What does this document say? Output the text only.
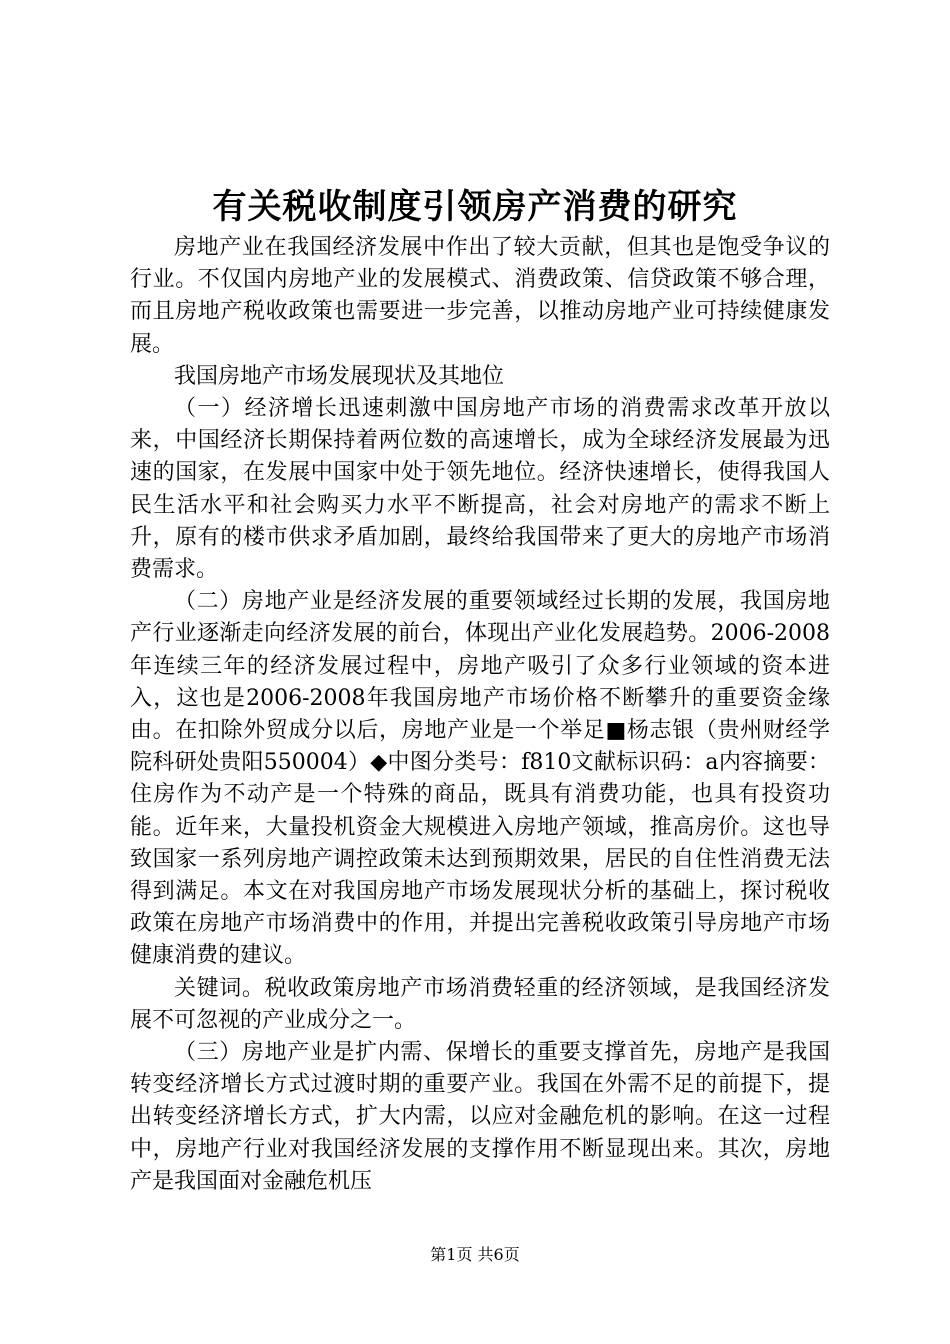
有关税收制度引领房产消费的研究

房地产业在我国经济发展中作出了较大贡献，但其也是饱受争议的行业。不仅国内房地产业的发展模式、消费政策、信贷政策不够合理，而且房地产税收政策也需要进一步完善，以推动房地产业可持续健康发展。

我国房地产市场发展现状及其地位

（一）经济增长迅速刺激中国房地产市场的消费需求改革开放以来，中国经济长期保持着两位数的高速增长，成为全球经济发展最为迅速的国家，在发展中国家中处于领先地位。经济快速增长，使得我国人民生活水平和社会购买力水平不断提高，社会对房地产的需求不断上升，原有的楼市供求矛盾加剧，最终给我国带来了更大的房地产市场消费需求。

（二）房地产业是经济发展的重要领域经过长期的发展，我国房地产行业逐渐走向经济发展的前台，体现出产业化发展趋势。2006-2008年连续三年的经济发展过程中，房地产吸引了众多行业领域的资本进入，这也是2006-2008年我国房地产市场价格不断攀升的重要资金缘由。在扣除外贸成分以后，房地产业是一个举足■杨志银（贵州财经学院科研处贵阳550004）◆中图分类号：f810文献标识码：a内容摘要：住房作为不动产是一个特殊的商品，既具有消费功能，也具有投资功能。近年来，大量投机资金大规模进入房地产领域，推高房价。这也导致国家一系列房地产调控政策未达到预期效果，居民的自住性消费无法得到满足。本文在对我国房地产市场发展现状分析的基础上，探讨税收政策在房地产市场消费中的作用，并提出完善税收政策引导房地产市场健康消费的建议。

关键词。税收政策房地产市场消费轻重的经济领域，是我国经济发展不可忽视的产业成分之一。

（三）房地产业是扩内需、保增长的重要支撑首先，房地产是我国转变经济增长方式过渡时期的重要产业。我国在外需不足的前提下，提出转变经济增长方式，扩大内需，以应对金融危机的影响。在这一过程中，房地产行业对我国经济发展的支撑作用不断显现出来。其次，房地产是我国面对金融危机压

第1页 共6页
